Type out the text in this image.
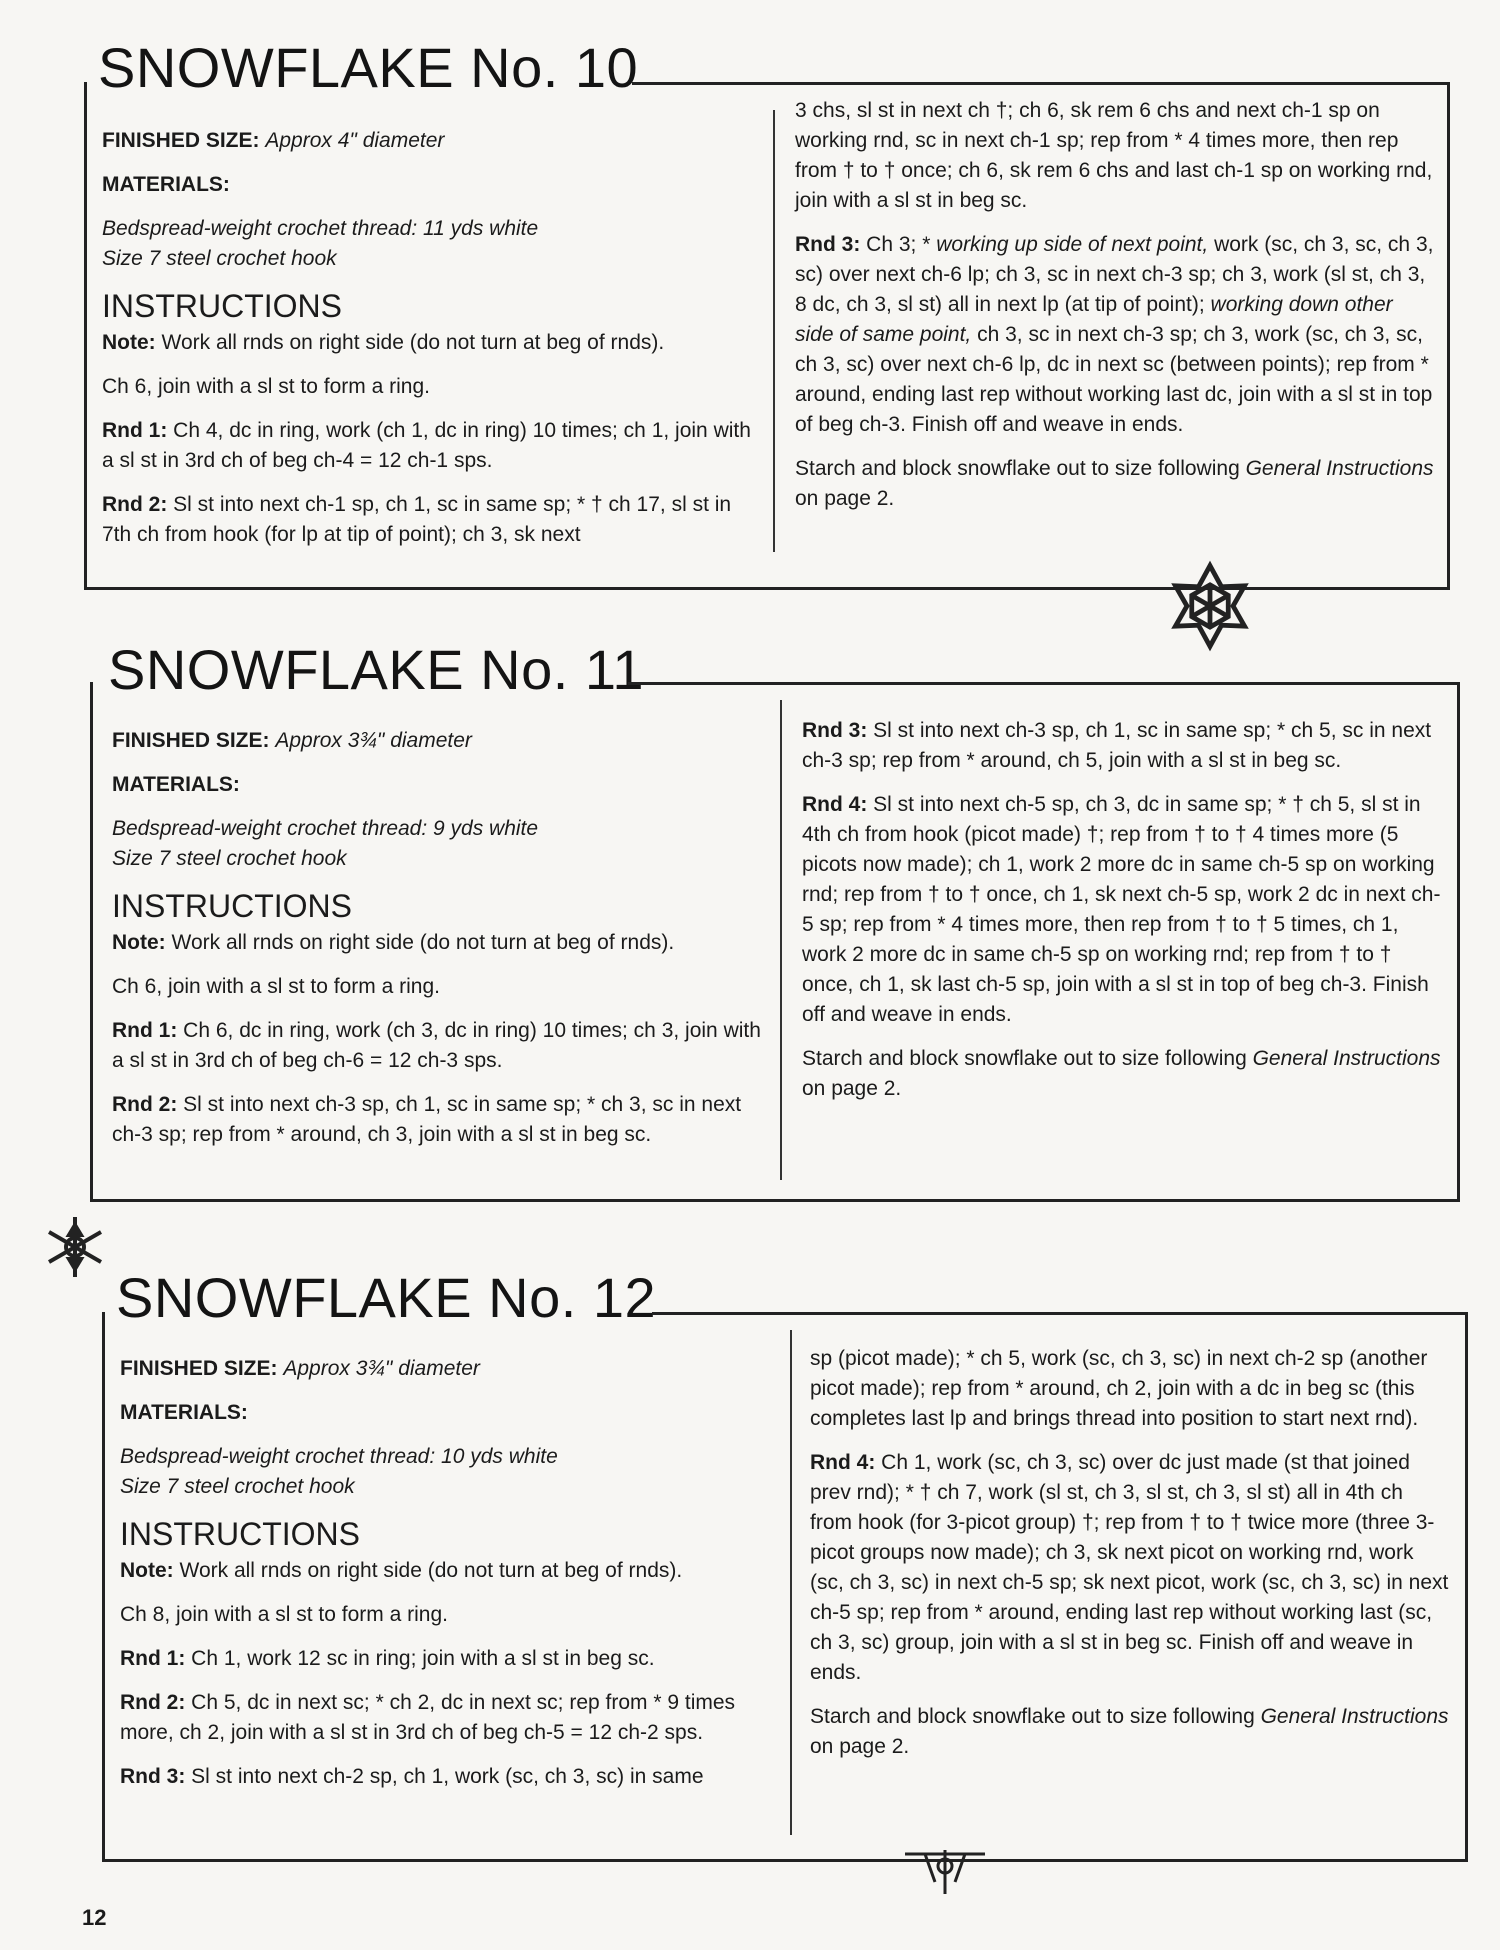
SNOWFLAKE No. 10

FINISHED SIZE: Approx 4" diameter

MATERIALS:

Bedspread-weight crochet thread: 11 yds white
Size 7 steel crochet hook
INSTRUCTIONS

Note: Work all rnds on right side (do not turn at beg of rnds).

Ch 6, join with a sl st to form a ring.

Rnd 1: Ch 4, dc in ring, work (ch 1, dc in ring) 10 times; ch 1, join with a sl st in 3rd ch of beg ch-4 = 12 ch-1 sps.

Rnd 2: Sl st into next ch-1 sp, ch 1, sc in same sp; * † ch 17, sl st in 7th ch from hook (for lp at tip of point); ch 3, sk next

3 chs, sl st in next ch †; ch 6, sk rem 6 chs and next ch-1 sp on working rnd, sc in next ch-1 sp; rep from * 4 times more, then rep from † to † once; ch 6, sk rem 6 chs and last ch-1 sp on working rnd, join with a sl st in beg sc.

Rnd 3: Ch 3; * working up side of next point, work (sc, ch 3, sc, ch 3, sc) over next ch-6 lp; ch 3, sc in next ch-3 sp; ch 3, work (sl st, ch 3, 8 dc, ch 3, sl st) all in next lp (at tip of point); working down other side of same point, ch 3, sc in next ch-3 sp; ch 3, work (sc, ch 3, sc, ch 3, sc) over next ch-6 lp, dc in next sc (between points); rep from * around, ending last rep without working last dc, join with a sl st in top of beg ch-3. Finish off and weave in ends.

Starch and block snowflake out to size following General Instructions on page 2.

SNOWFLAKE No. 11

FINISHED SIZE: Approx 3¾" diameter

MATERIALS:

Bedspread-weight crochet thread: 9 yds white
Size 7 steel crochet hook
INSTRUCTIONS

Note: Work all rnds on right side (do not turn at beg of rnds).

Ch 6, join with a sl st to form a ring.

Rnd 1: Ch 6, dc in ring, work (ch 3, dc in ring) 10 times; ch 3, join with a sl st in 3rd ch of beg ch-6 = 12 ch-3 sps.

Rnd 2: Sl st into next ch-3 sp, ch 1, sc in same sp; * ch 3, sc in next ch-3 sp; rep from * around, ch 3, join with a sl st in beg sc.

Rnd 3: Sl st into next ch-3 sp, ch 1, sc in same sp; * ch 5, sc in next ch-3 sp; rep from * around, ch 5, join with a sl st in beg sc.

Rnd 4: Sl st into next ch-5 sp, ch 3, dc in same sp; * † ch 5, sl st in 4th ch from hook (picot made) †; rep from † to † 4 times more (5 picots now made); ch 1, work 2 more dc in same ch-5 sp on working rnd; rep from † to † once, ch 1, sk next ch-5 sp, work 2 dc in next ch-5 sp; rep from * 4 times more, then rep from † to † 5 times, ch 1, work 2 more dc in same ch-5 sp on working rnd; rep from † to † once, ch 1, sk last ch-5 sp, join with a sl st in top of beg ch-3. Finish off and weave in ends.

Starch and block snowflake out to size following General Instructions on page 2.

SNOWFLAKE No. 12

FINISHED SIZE: Approx 3¾" diameter

MATERIALS:

Bedspread-weight crochet thread: 10 yds white
Size 7 steel crochet hook
INSTRUCTIONS

Note: Work all rnds on right side (do not turn at beg of rnds).

Ch 8, join with a sl st to form a ring.

Rnd 1: Ch 1, work 12 sc in ring; join with a sl st in beg sc.

Rnd 2: Ch 5, dc in next sc; * ch 2, dc in next sc; rep from * 9 times more, ch 2, join with a sl st in 3rd ch of beg ch-5 = 12 ch-2 sps.

Rnd 3: Sl st into next ch-2 sp, ch 1, work (sc, ch 3, sc) in same

sp (picot made); * ch 5, work (sc, ch 3, sc) in next ch-2 sp (another picot made); rep from * around, ch 2, join with a dc in beg sc (this completes last lp and brings thread into position to start next rnd).

Rnd 4: Ch 1, work (sc, ch 3, sc) over dc just made (st that joined prev rnd); * † ch 7, work (sl st, ch 3, sl st, ch 3, sl st) all in 4th ch from hook (for 3-picot group) †; rep from † to † twice more (three 3-picot groups now made); ch 3, sk next picot on working rnd, work (sc, ch 3, sc) in next ch-5 sp; sk next picot, work (sc, ch 3, sc) in next ch-5 sp; rep from * around, ending last rep without working last (sc, ch 3, sc) group, join with a sl st in beg sc. Finish off and weave in ends.

Starch and block snowflake out to size following General Instructions on page 2.

12
